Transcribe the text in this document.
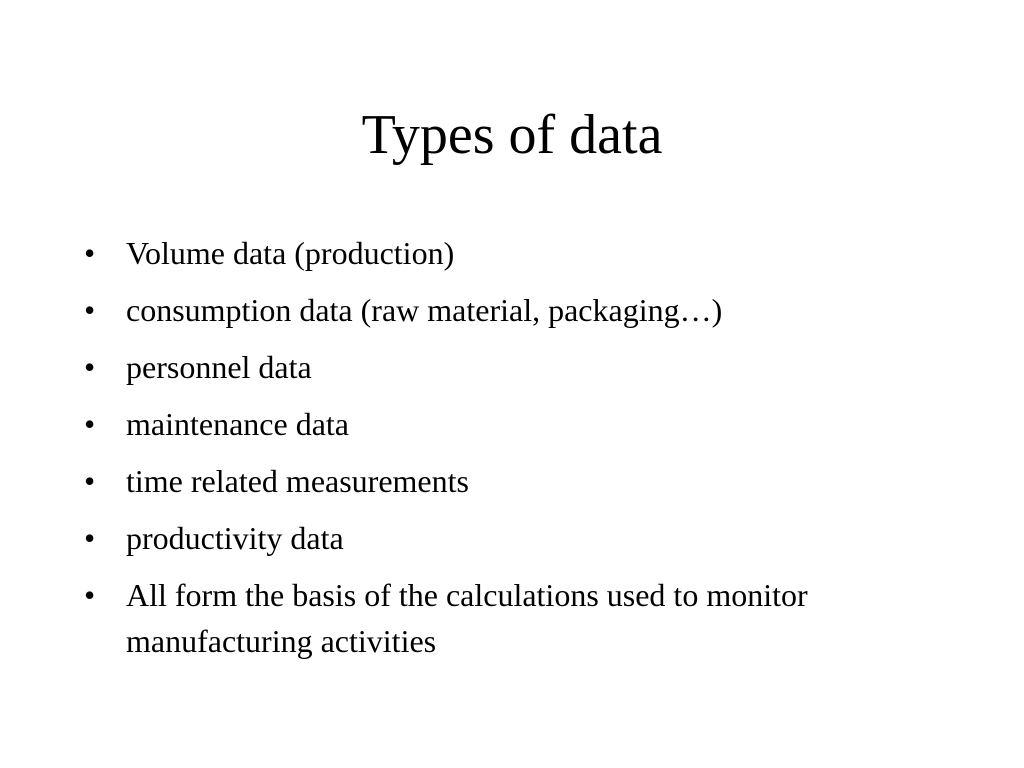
Types of data
• Volume data (production)
• consumption data (raw material, packaging…)
• personnel data
• maintenance data
• time related measurements
• productivity data
• All form the basis of the calculations used to monitor manufacturing activities
